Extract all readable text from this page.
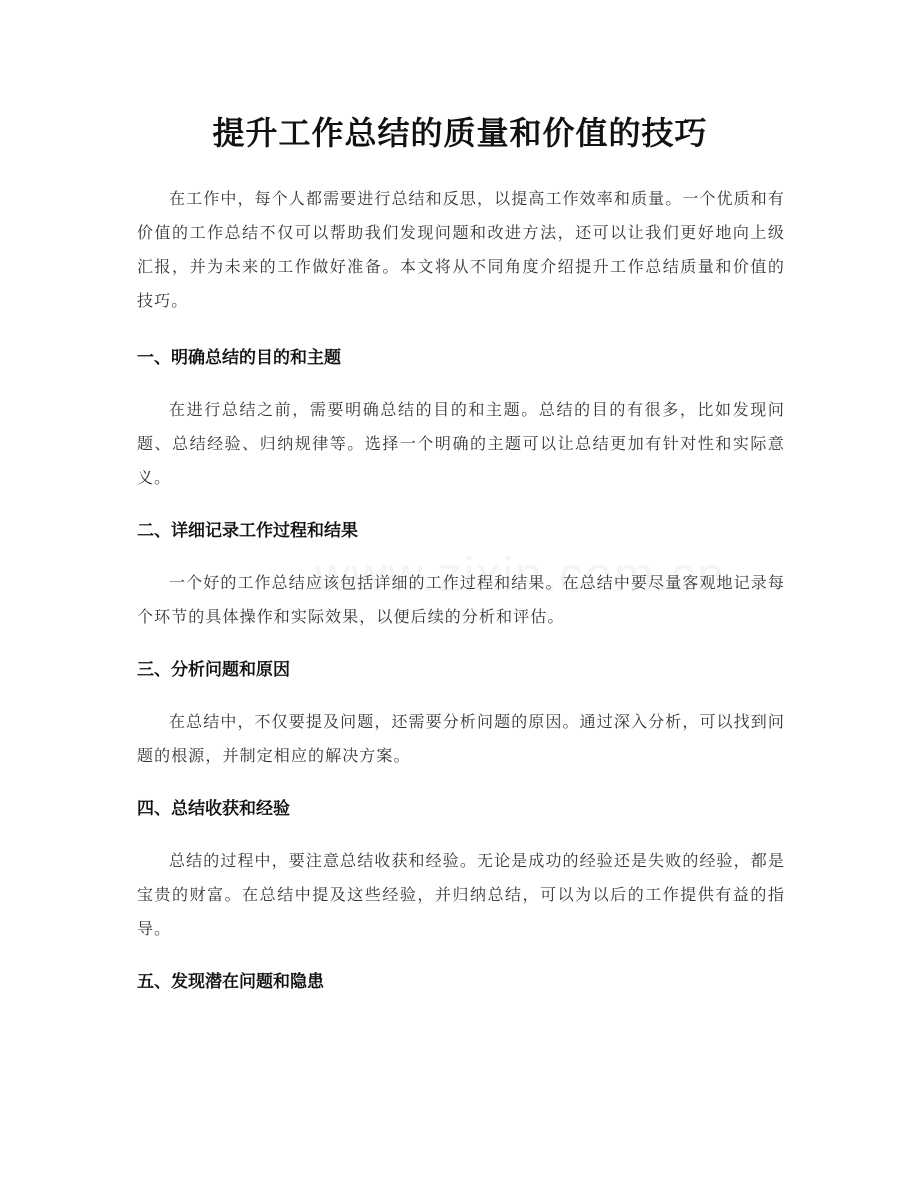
提升工作总结的质量和价值的技巧

在工作中，每个人都需要进行总结和反思，以提高工作效率和质量。一个优质和有价值的工作总结不仅可以帮助我们发现问题和改进方法，还可以让我们更好地向上级汇报，并为未来的工作做好准备。本文将从不同角度介绍提升工作总结质量和价值的技巧。

一、明确总结的目的和主题

在进行总结之前，需要明确总结的目的和主题。总结的目的有很多，比如发现问题、总结经验、归纳规律等。选择一个明确的主题可以让总结更加有针对性和实际意义。

二、详细记录工作过程和结果

一个好的工作总结应该包括详细的工作过程和结果。在总结中要尽量客观地记录每个环节的具体操作和实际效果，以便后续的分析和评估。

三、分析问题和原因

在总结中，不仅要提及问题，还需要分析问题的原因。通过深入分析，可以找到问题的根源，并制定相应的解决方案。

四、总结收获和经验

总结的过程中，要注意总结收获和经验。无论是成功的经验还是失败的经验，都是宝贵的财富。在总结中提及这些经验，并归纳总结，可以为以后的工作提供有益的指导。

五、发现潜在问题和隐患
